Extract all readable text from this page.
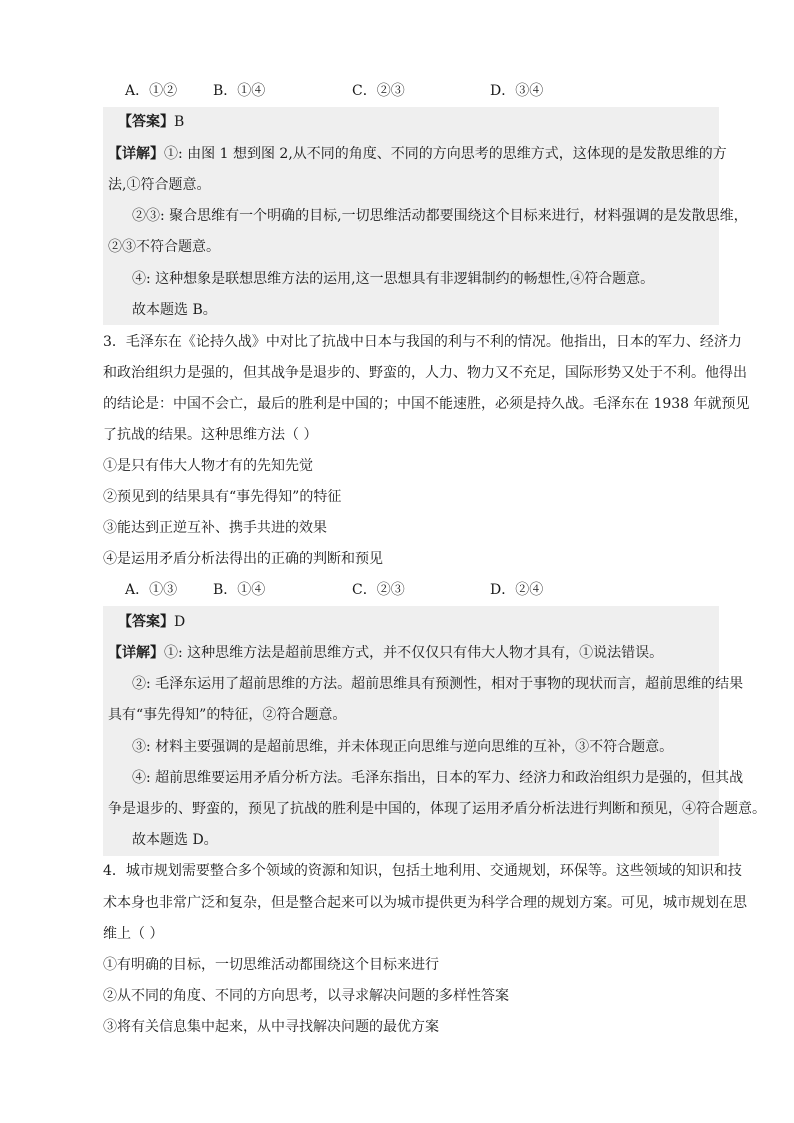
A．①②	B．①④	C．②③	D．③④
【答案】B
【详解】①: 由图 1 想到图 2,从不同的角度、不同的方向思考的思维方式，这体现的是发散思维的方
法,①符合题意。
②③: 聚合思维有一个明确的目标,一切思维活动都要围绕这个目标来进行，材料强调的是发散思维，
②③不符合题意。
④: 这种想象是联想思维方法的运用,这一思想具有非逻辑制约的畅想性,④符合题意。
故本题选 B。
3．毛泽东在《论持久战》中对比了抗战中日本与我国的利与不利的情况。他指出，日本的军力、经济力
和政治组织力是强的，但其战争是退步的、野蛮的，人力、物力又不充足，国际形势又处于不利。他得出
的结论是：中国不会亡，最后的胜利是中国的；中国不能速胜，必须是持久战。毛泽东在 1938 年就预见
了抗战的结果。这种思维方法（ ）
①是只有伟大人物才有的先知先觉
②预见到的结果具有“事先得知”的特征
③能达到正逆互补、携手共进的效果
④是运用矛盾分析法得出的正确的判断和预见
A．①③	B．①④	C．②③	D．②④
【答案】D
【详解】①: 这种思维方法是超前思维方式，并不仅仅只有伟大人物才具有，①说法错误。
②: 毛泽东运用了超前思维的方法。超前思维具有预测性，相对于事物的现状而言，超前思维的结果
具有“事先得知”的特征，②符合题意。
③: 材料主要强调的是超前思维，并未体现正向思维与逆向思维的互补，③不符合题意。
④: 超前思维要运用矛盾分析方法。毛泽东指出，日本的军力、经济力和政治组织力是强的，但其战
争是退步的、野蛮的，预见了抗战的胜利是中国的，体现了运用矛盾分析法进行判断和预见，④符合题意。
故本题选 D。
4．城市规划需要整合多个领域的资源和知识，包括土地利用、交通规划，环保等。这些领域的知识和技
术本身也非常广泛和复杂，但是整合起来可以为城市提供更为科学合理的规划方案。可见，城市规划在思
维上（ ）
①有明确的目标，一切思维活动都围绕这个目标来进行
②从不同的角度、不同的方向思考，以寻求解决问题的多样性答案
③将有关信息集中起来，从中寻找解决问题的最优方案
